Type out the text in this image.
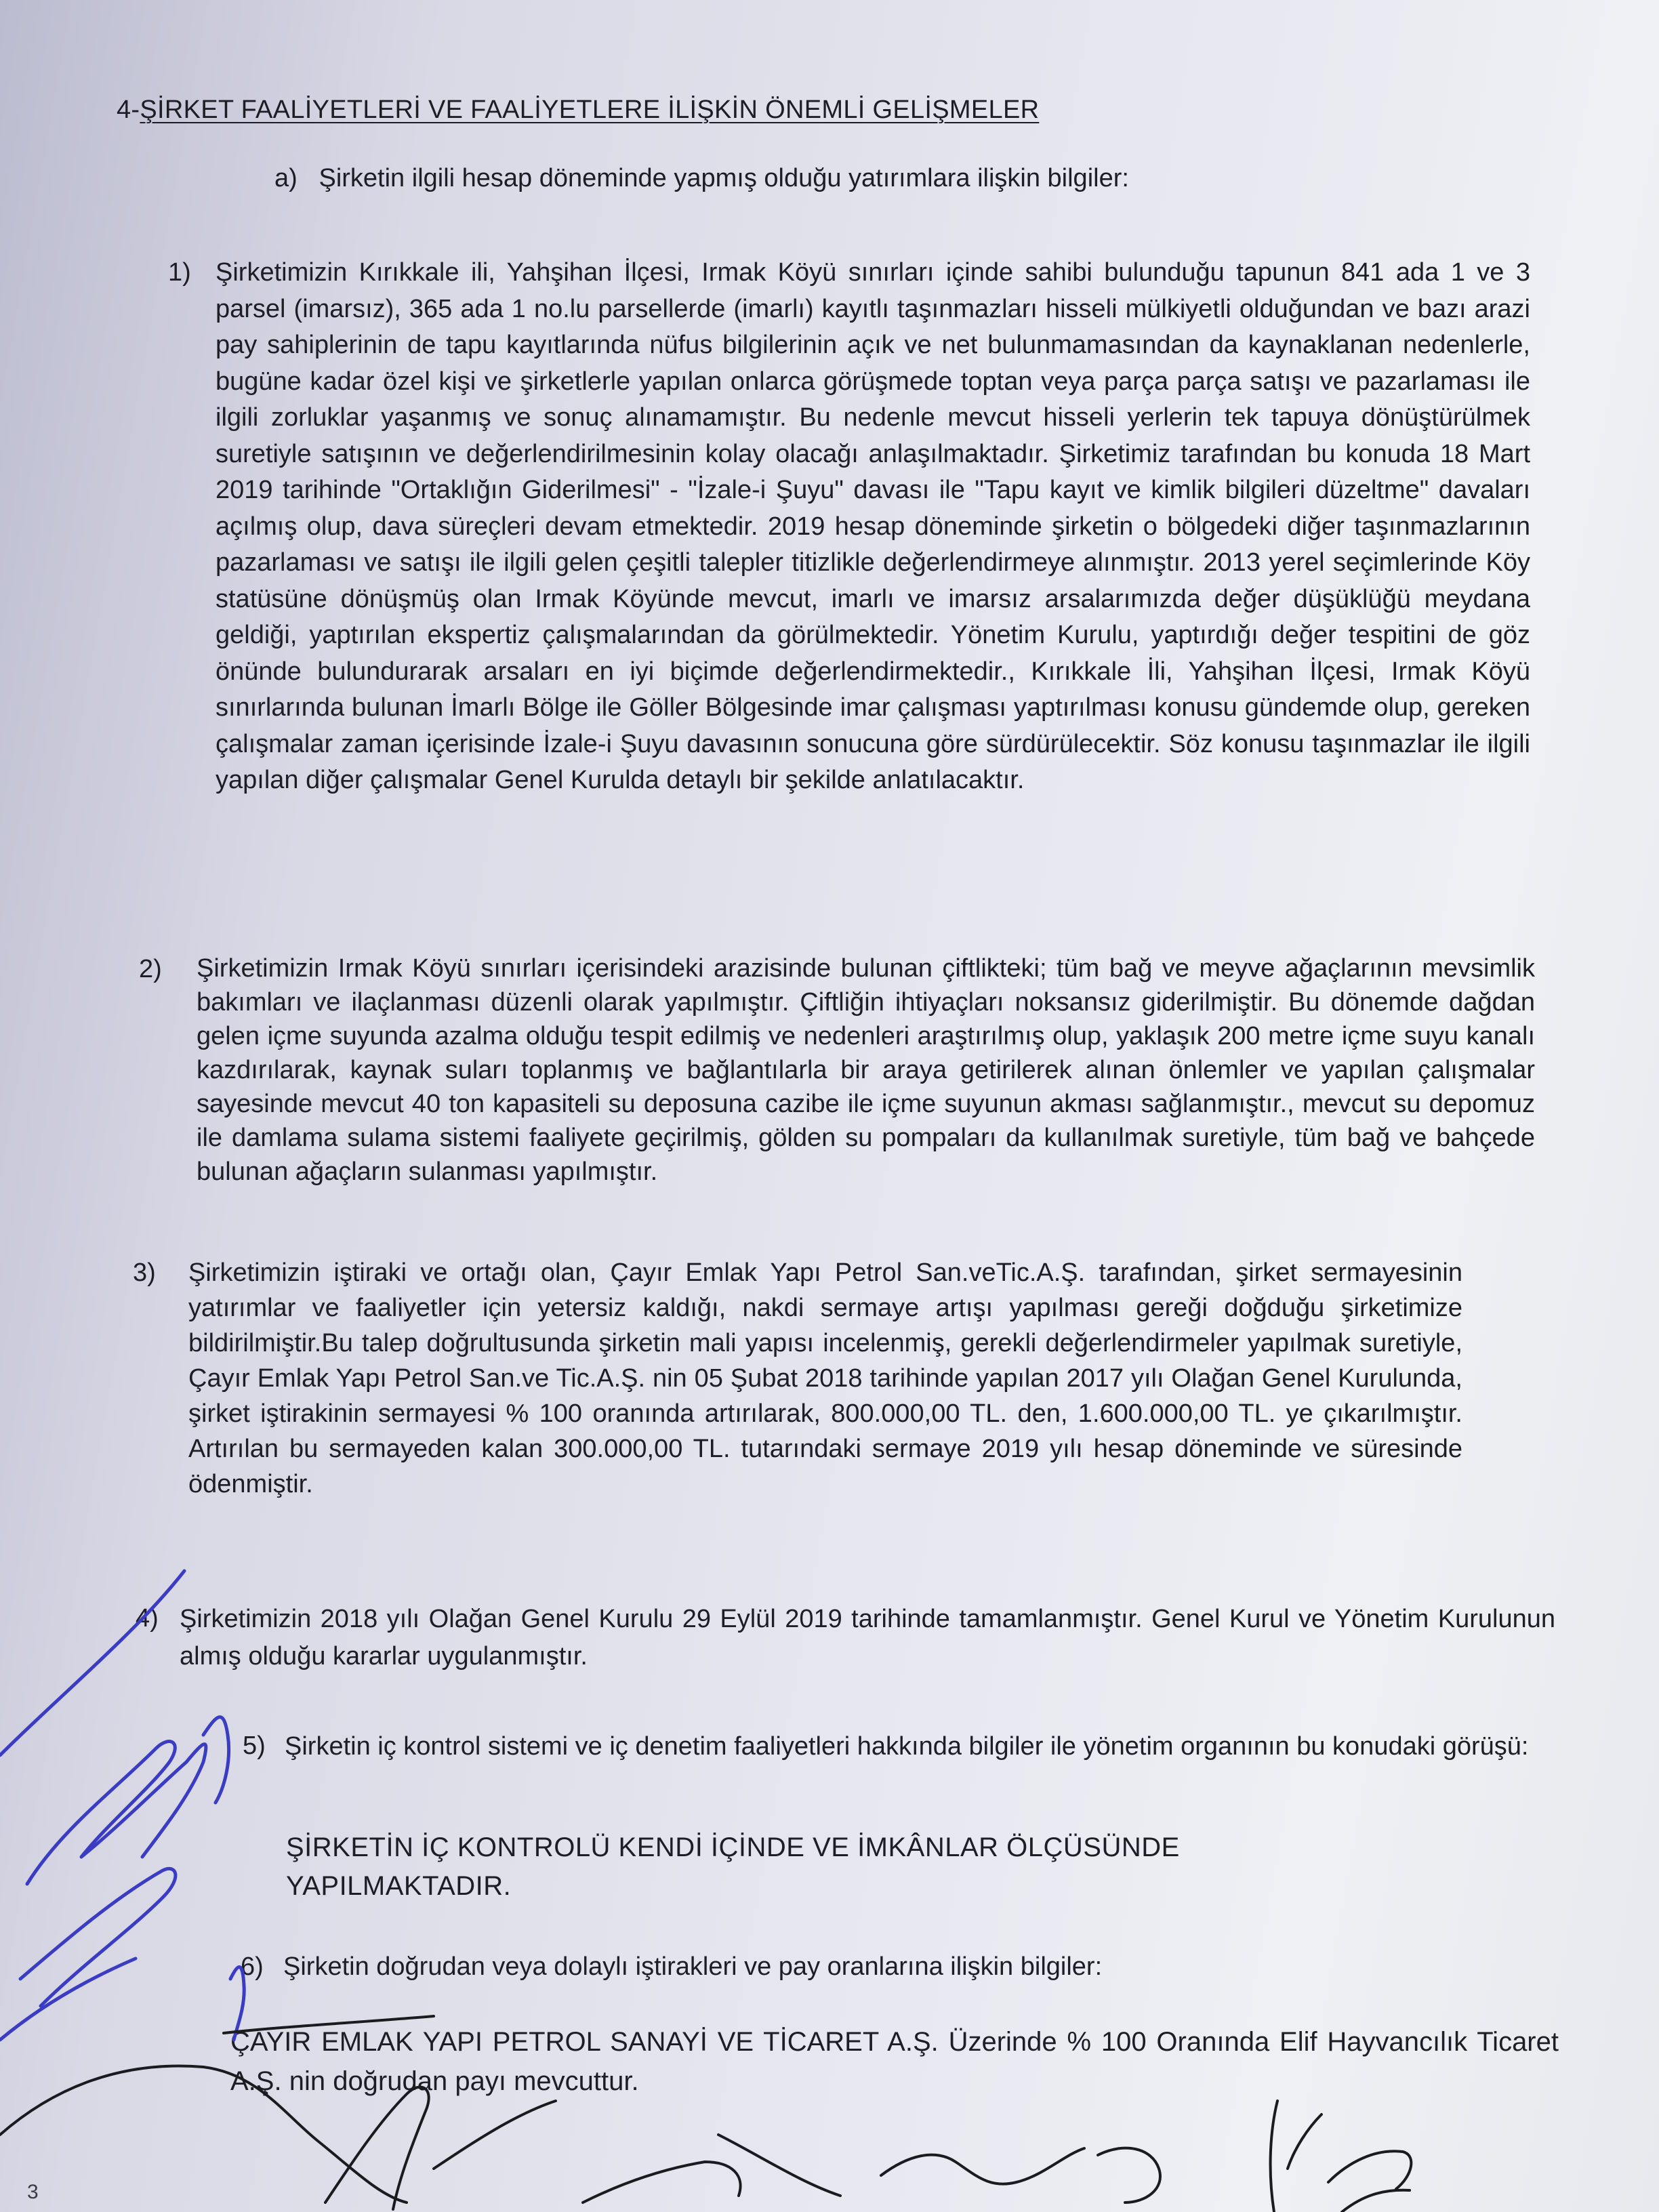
4-ŞİRKET FAALİYETLERİ VE FAALİYETLERE İLİŞKİN ÖNEMLİ GELİŞMELER
a) Şirketin ilgili hesap döneminde yapmış olduğu yatırımlara ilişkin bilgiler:
1) Şirketimizin Kırıkkale ili, Yahşihan İlçesi, Irmak Köyü sınırları içinde sahibi bulunduğu tapunun 841 ada 1 ve 3 parsel (imarsız), 365 ada 1 no.lu parsellerde (imarlı) kayıtlı taşınmazları hisseli mülkiyetli olduğundan ve bazı arazi pay sahiplerinin de tapu kayıtlarında nüfus bilgilerinin açık ve net bulunmamasından da kaynaklanan nedenlerle, bugüne kadar özel kişi ve şirketlerle yapılan onlarca görüşmede toptan veya parça parça satışı ve pazarlaması ile ilgili zorluklar yaşanmış ve sonuç alınamamıştır. Bu nedenle mevcut hisseli yerlerin tek tapuya dönüştürülmek suretiyle satışının ve değerlendirilmesinin kolay olacağı anlaşılmaktadır. Şirketimiz tarafından bu konuda 18 Mart 2019 tarihinde "Ortaklığın Giderilmesi" - "İzale-i Şuyu" davası ile "Tapu kayıt ve kimlik bilgileri düzeltme" davaları açılmış olup, dava süreçleri devam etmektedir. 2019 hesap döneminde şirketin o bölgedeki diğer taşınmazlarının pazarlaması ve satışı ile ilgili gelen çeşitli talepler titizlikle değerlendirmeye alınmıştır. 2013 yerel seçimlerinde Köy statüsüne dönüşmüş olan Irmak Köyünde mevcut, imarlı ve imarsız arsalarımızda değer düşüklüğü meydana geldiği, yaptırılan ekspertiz çalışmalarından da görülmektedir. Yönetim Kurulu, yaptırdığı değer tespitini de göz önünde bulundurarak arsaları en iyi biçimde değerlendirmektedir., Kırıkkale İli, Yahşihan İlçesi, Irmak Köyü sınırlarında bulunan İmarlı Bölge ile Göller Bölgesinde imar çalışması yaptırılması konusu gündemde olup, gereken çalışmalar zaman içerisinde İzale-i Şuyu davasının sonucuna göre sürdürülecektir. Söz konusu taşınmazlar ile ilgili yapılan diğer çalışmalar Genel Kurulda detaylı bir şekilde anlatılacaktır.

2) Şirketimizin Irmak Köyü sınırları içerisindeki arazisinde bulunan çiftlikteki; tüm bağ ve meyve ağaçlarının mevsimlik bakımları ve ilaçlanması düzenli olarak yapılmıştır. Çiftliğin ihtiyaçları noksansız giderilmiştir. Bu dönemde dağdan gelen içme suyunda azalma olduğu tespit edilmiş ve nedenleri araştırılmış olup, yaklaşık 200 metre içme suyu kanalı kazdırılarak, kaynak suları toplanmış ve bağlantılarla bir araya getirilerek alınan önlemler ve yapılan çalışmalar sayesinde mevcut 40 ton kapasiteli su deposuna cazibe ile içme suyunun akması sağlanmıştır., mevcut su depomuz ile damlama sulama sistemi faaliyete geçirilmiş, gölden su pompaları da kullanılmak suretiyle, tüm bağ ve bahçede bulunan ağaçların sulanması yapılmıştır.

3) Şirketimizin iştiraki ve ortağı olan, Çayır Emlak Yapı Petrol San.veTic.A.Ş. tarafından, şirket sermayesinin yatırımlar ve faaliyetler için yetersiz kaldığı, nakdi sermaye artışı yapılması gereği doğduğu şirketimize bildirilmiştir.Bu talep doğrultusunda şirketin mali yapısı incelenmiş, gerekli değerlendirmeler yapılmak suretiyle, Çayır Emlak Yapı Petrol San.ve Tic.A.Ş. nin 05 Şubat 2018 tarihinde yapılan 2017 yılı Olağan Genel Kurulunda, şirket iştirakinin sermayesi % 100 oranında artırılarak, 800.000,00 TL. den, 1.600.000,00 TL. ye çıkarılmıştır. Artırılan bu sermayeden kalan 300.000,00 TL. tutarındaki sermaye 2019 yılı hesap döneminde ve süresinde ödenmiştir.

4) Şirketimizin 2018 yılı Olağan Genel Kurulu 29 Eylül 2019 tarihinde tamamlanmıştır. Genel Kurul ve Yönetim Kurulunun almış olduğu kararlar uygulanmıştır.

5) Şirketin iç kontrol sistemi ve iç denetim faaliyetleri hakkında bilgiler ile yönetim organının bu konudaki görüşü:

ŞİRKETİN İÇ KONTROLÜ KENDİ İÇİNDE VE İMKÂNLAR ÖLÇÜSÜNDE YAPILMAKTADIR.
6) Şirketin doğrudan veya dolaylı iştirakleri ve pay oranlarına ilişkin bilgiler:

ÇAYIR EMLAK YAPI PETROL SANAYİ VE TİCARET A.Ş. Üzerinde % 100 Oranında Elif Hayvancılık Ticaret A.Ş. nin doğrudan payı mevcuttur.

3
